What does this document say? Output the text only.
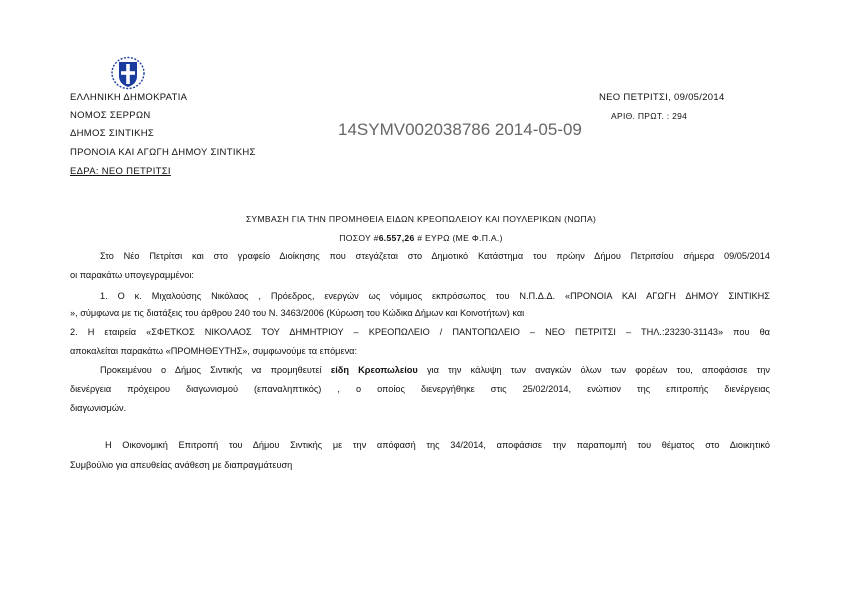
ΕΛΛΗΝΙΚΗ ΔΗΜΟΚΡΑΤΙΑ
ΝΟΜΟΣ ΣΕΡΡΩΝ
ΔΗΜΟΣ ΣΙΝΤΙΚΗΣ
ΠΡΟΝΟΙΑ ΚΑΙ ΑΓΩΓΗ ΔΗΜΟΥ ΣΙΝΤΙΚΗΣ
ΕΔΡΑ: ΝΕΟ ΠΕΤΡΙΤΣΙ
ΝΕΟ ΠΕΤΡΙΤΣΙ, 09/05/2014
ΑΡΙΘ. ΠΡΩΤ. : 294
14SYMV002038786 2014-05-09
ΣΥΜΒΑΣΗ ΓΙΑ ΤΗΝ ΠΡΟΜΗΘΕΙΑ ΕΙΔΩΝ ΚΡΕΟΠΩΛΕΙΟΥ ΚΑΙ ΠΟΥΛΕΡΙΚΩΝ (ΝΩΠΑ)
ΠΟΣΟΥ #6.557,26 # ΕΥΡΩ (ΜΕ Φ.Π.Α.)
Στο Νέο Πετρίτσι και στο γραφείο Διοίκησης που στεγάζεται στο Δημοτικό Κατάστημα του πρώην Δήμου Πετριτσίου σήμερα 09/05/2014
οι παρακάτω υπογεγραμμένοι:
1. Ο κ. Μιχαλούσης Νικόλαος , Πρόεδρος, ενεργών ως νόμιμος εκπρόσωπος του Ν.Π.Δ.Δ. «ΠΡΟΝΟΙΑ ΚΑΙ ΑΓΩΓΗ ΔΗΜΟΥ ΣΙΝΤΙΚΗΣ
», σύμφωνα με τις διατάξεις του άρθρου 240 του Ν. 3463/2006 (Κύρωση του Κώδικα Δήμων και Κοινοτήτων) και
2. Η εταιρεία «ΣΦΕΤΚΟΣ ΝΙΚΟΛΑΟΣ ΤΟΥ ΔΗΜΗΤΡΙΟΥ – ΚΡΕΟΠΩΛΕΙΟ / ΠΑΝΤΟΠΩΛΕΙΟ – ΝΕΟ ΠΕΤΡΙΤΣΙ – ΤΗΛ.:23230-31143» που θα
αποκαλείται παρακάτω «ΠΡΟΜΗΘΕΥΤΗΣ», συμφωνούμε τα επόμενα:
Προκειμένου ο Δήμος Σιντικής να προμηθευτεί είδη Κρεοπωλείου για την κάλυψη των αναγκών όλων των φορέων του, αποφάσισε την
διενέργεια πρόχειρου διαγωνισμού (επαναληπτικός) , ο οποίος διενεργήθηκε στις 25/02/2014, ενώπιον της επιτροπής διενέργειας
διαγωνισμών.
Η Οικονομική Επιτροπή του Δήμου Σιντικής με την απόφασή της 34/2014, αποφάσισε την παραπομπή του θέματος στο Διοικητικό
Συμβούλιο για απευθείας ανάθεση με διαπραγμάτευση
